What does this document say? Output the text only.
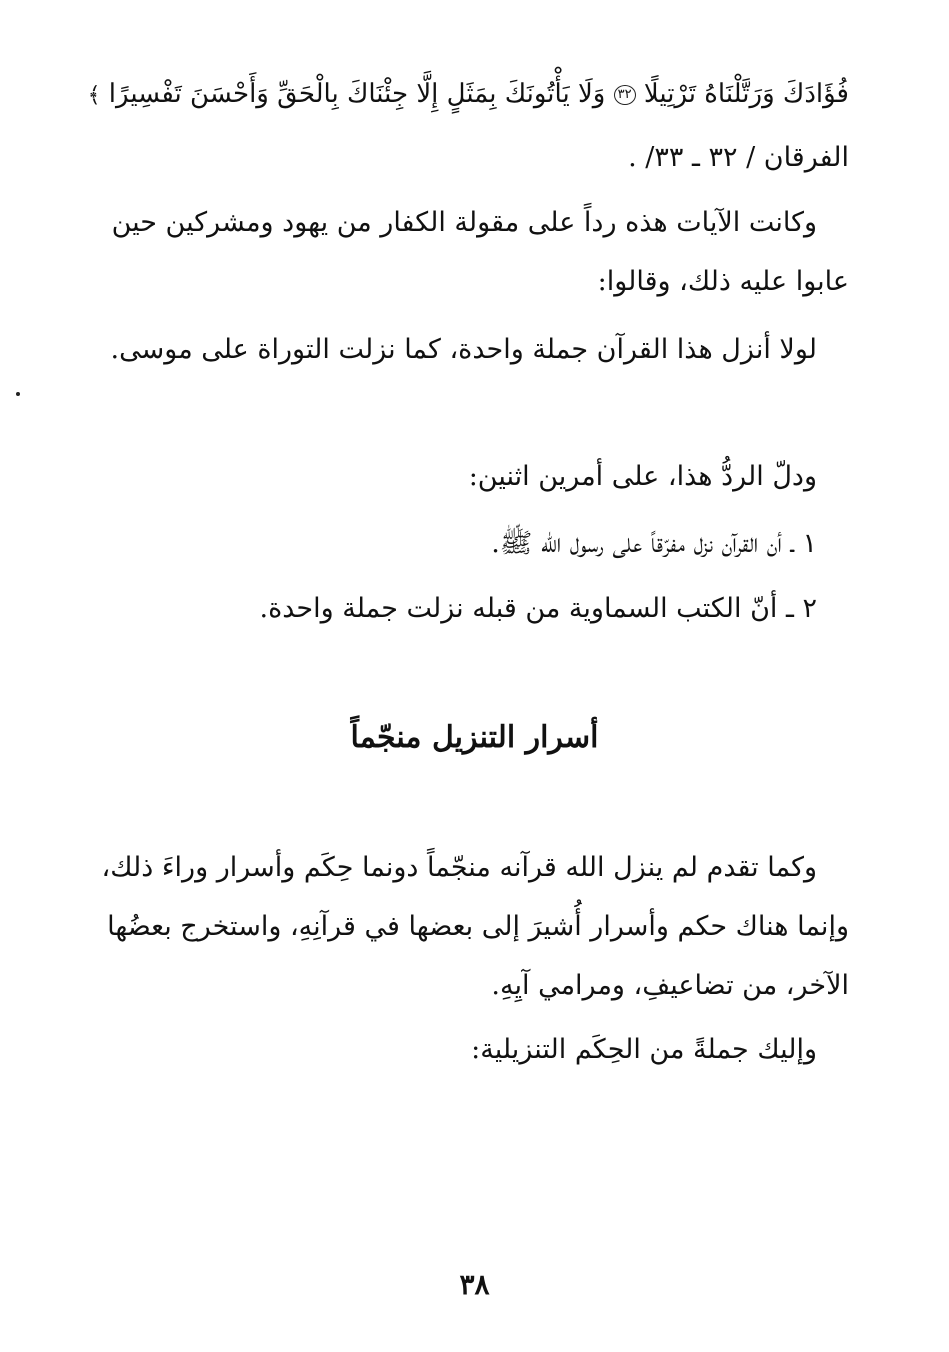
فُؤَادَكَ وَرَتَّلْنَاهُ تَرْتِيلًا ٣٢ وَلَا يَأْتُونَكَ بِمَثَلٍ إِلَّا جِئْنَاكَ بِالْحَقِّ وَأَحْسَنَ تَفْسِيرًا ﴾
الفرقان / ٣٢ ـ ٣٣/ .
وكانت الآيات هذه رداً على مقولة الكفار من يهود ومشركين حين
عابوا عليه ذلك، وقالوا:
لولا أنزل هذا القرآن جملة واحدة، كما نزلت التوراة على موسى.
ودلّ الردُّ هذا، على أمرين اثنين:
١ ـ أن القرآن نزل مفرّقاً على رسول الله ﷺ.
٢ ـ أنّ الكتب السماوية من قبله نزلت جملة واحدة.
أسرار التنزيل منجّماً
وكما تقدم لم ينزل الله قرآنه منجّماً دونما حِكَم وأسرار وراءَ ذلك،
وإنما هناك حكم وأسرار أُشيرَ إلى بعضها في قرآنِهِ، واستخرج بعضُها
الآخر، من تضاعيفِ، ومرامي آيِهِ.
وإليك جملةً من الحِكَم التنزيلية:
٣٨
